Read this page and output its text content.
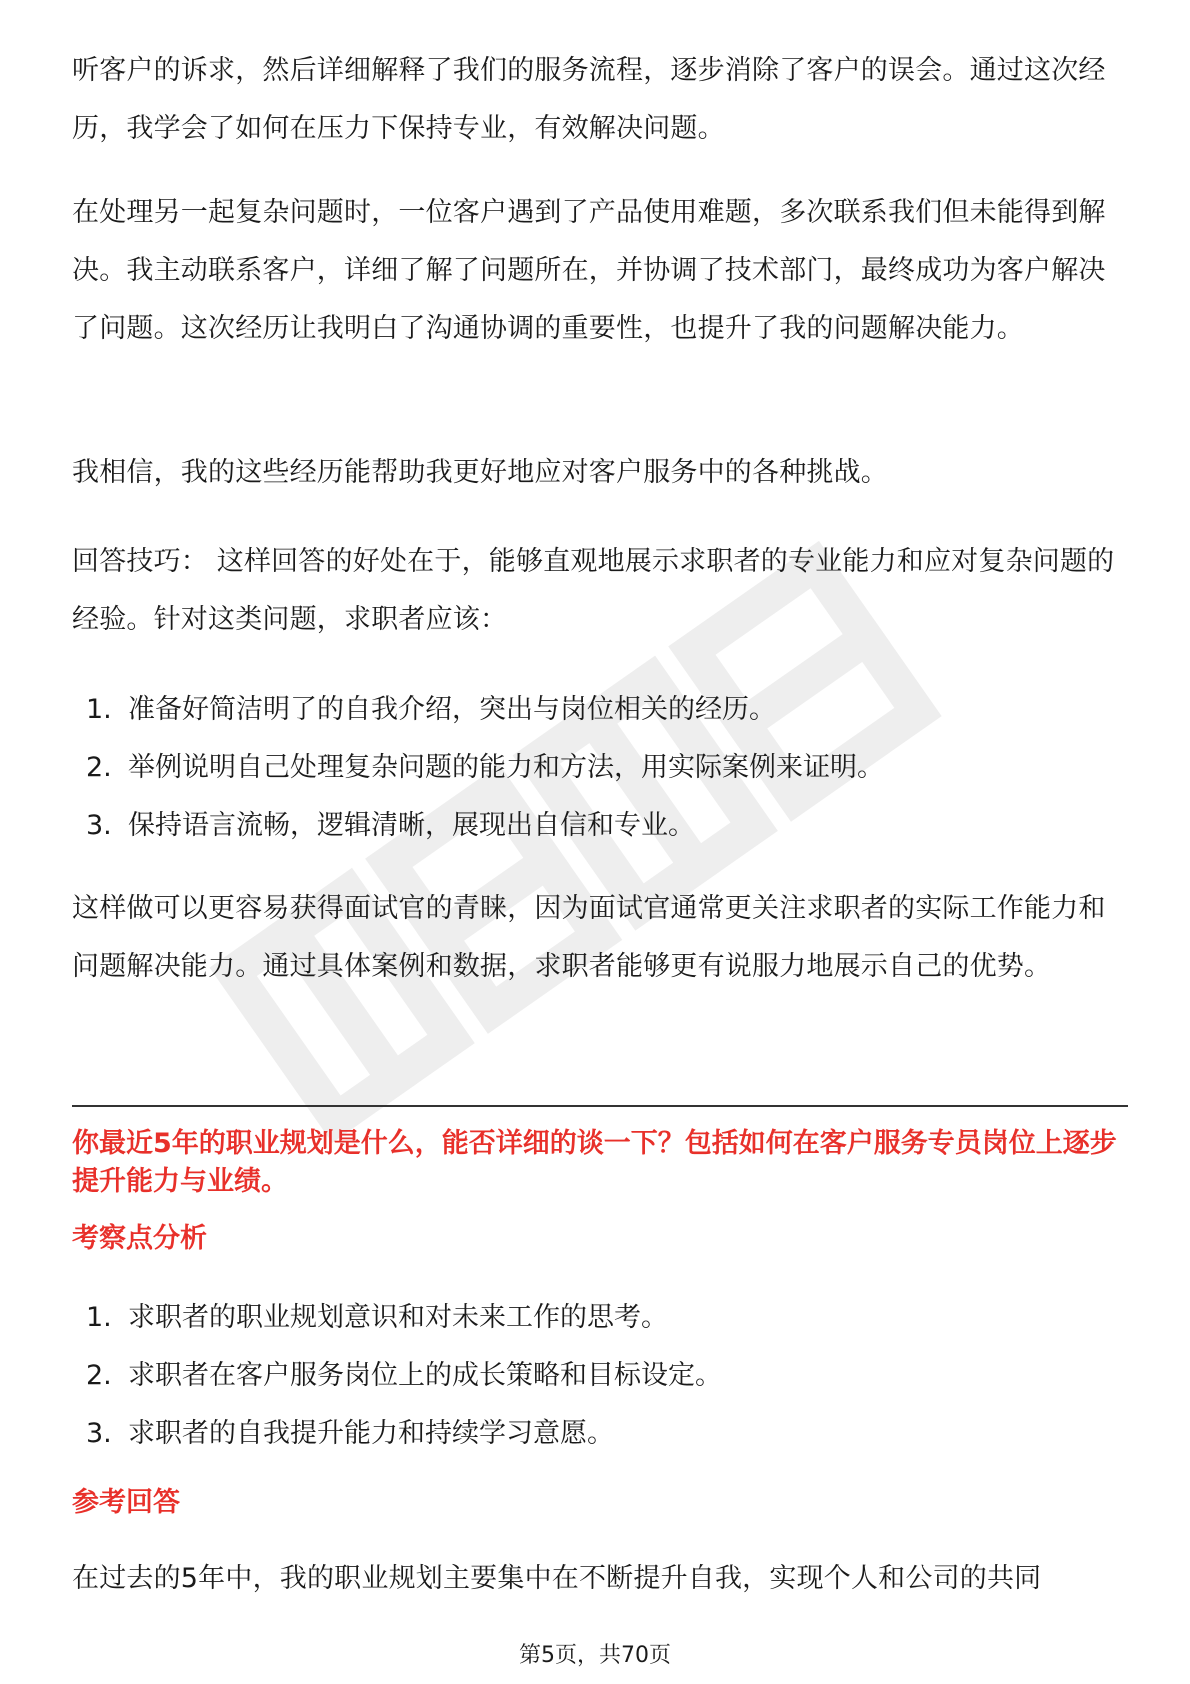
听客户的诉求，然后详细解释了我们的服务流程，逐步消除了客户的误会。通过这次经历，我学会了如何在压力下保持专业，有效解决问题。

在处理另一起复杂问题时，一位客户遇到了产品使用难题，多次联系我们但未能得到解决。我主动联系客户，详细了解了问题所在，并协调了技术部门，最终成功为客户解决了问题。这次经历让我明白了沟通协调的重要性，也提升了我的问题解决能力。

我相信，我的这些经历能帮助我更好地应对客户服务中的各种挑战。

回答技巧： 这样回答的好处在于，能够直观地展示求职者的专业能力和应对复杂问题的经验。针对这类问题，求职者应该：

1. 准备好简洁明了的自我介绍，突出与岗位相关的经历。
2. 举例说明自己处理复杂问题的能力和方法，用实际案例来证明。
3. 保持语言流畅，逻辑清晰，展现出自信和专业。

这样做可以更容易获得面试官的青睐，因为面试官通常更关注求职者的实际工作能力和问题解决能力。通过具体案例和数据，求职者能够更有说服力地展示自己的优势。

你最近5年的职业规划是什么，能否详细的谈一下？包括如何在客户服务专员岗位上逐步提升能力与业绩。
考察点分析
1. 求职者的职业规划意识和对未来工作的思考。
2. 求职者在客户服务岗位上的成长策略和目标设定。
3. 求职者的自我提升能力和持续学习意愿。
参考回答

在过去的5年中，我的职业规划主要集中在不断提升自我，实现个人和公司的共同

第5页，共70页
